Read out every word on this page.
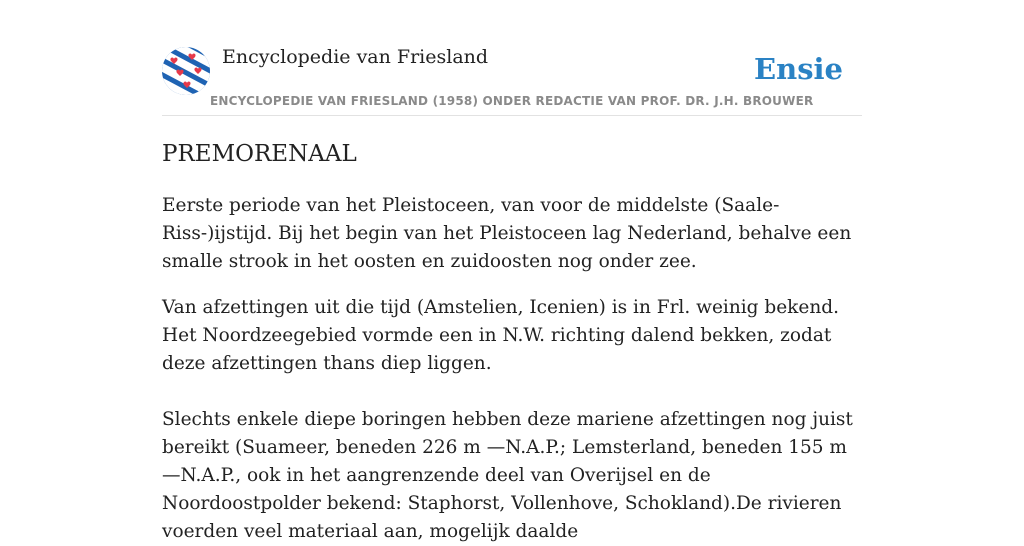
Encyclopedie van Friesland	Ensie
ENCYCLOPEDIE VAN FRIESLAND (1958) ONDER REDACTIE VAN PROF. DR. J.H. BROUWER
PREMORENAAL

Eerste periode van het Pleistoceen, van voor de middelste (Saale-Riss-)ijstijd. Bij het begin van het Pleistoceen lag Nederland, behalve een smalle strook in het oosten en zuidoosten nog onder zee.

Van afzettingen uit die tijd (Amstelien, Icenien) is in Frl. weinig bekend. Het Noordzeegebied vormde een in N.W. richting dalend bekken, zodat deze afzettingen thans diep liggen.

Slechts enkele diepe boringen hebben deze mariene afzettingen nog juist bereikt (Suameer, beneden 226 m —N.A.P.; Lemsterland, beneden 155 m —N.A.P., ook in het aangrenzende deel van Overijsel en de Noordoostpolder bekend: Staphorst, Vollenhove, Schokland).De rivieren voerden veel materiaal aan, mogelijk daalde
